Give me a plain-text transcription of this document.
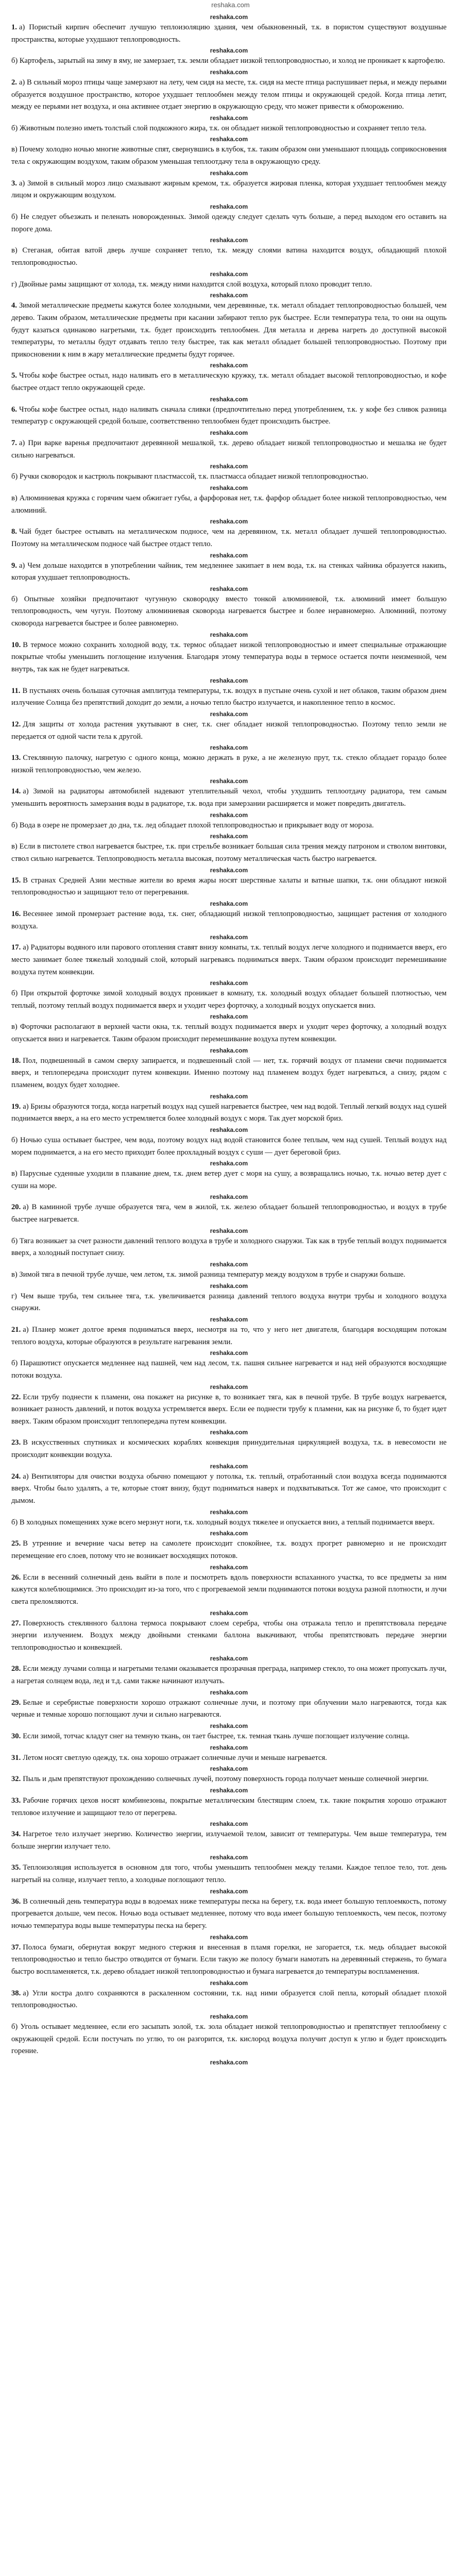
reshaka.com
reshaka.com

1. а) Пористый кирпич обеспечит лучшую теплоизоляцию здания, чем обыкновенный, т.к. в пористом существуют воздушные пространства, которые ухудшают теплопроводность.

reshaka.com

б) Картофель, зарытый на зиму в яму, не замерзает, т.к. земли обладает низкой теплопроводностью, и холод не проникает к картофелю.

reshaka.com

2. а) В сильный мороз птицы чаще замерзают на лету, чем сидя на месте, т.к. сидя на месте птица распушивает перья, и между перьями образуется воздушное пространство, которое ухудшает теплообмен между телом птицы и окружающей средой. Когда птица летит, между ее перьями нет воздуха, и она активнее отдает энергию в окружающую среду, что может привести к обморожению.

reshaka.com

б) Животным полезно иметь толстый слой подкожного жира, т.к. он обладает низкой теплопроводностью и сохраняет тепло тела.

reshaka.com

в) Почему холодно ночью многие животные спят, свернувшись в клубок, т.к. таким образом они уменьшают площадь соприкосновения тела с окружающим воздухом, таким образом уменьшая теплоотдачу тела в окружающую среду.

reshaka.com

3. а) Зимой в сильный мороз лицо смазывают жирным кремом, т.к. образуется жировая пленка, которая ухудшает теплообмен между лицом и окружающим воздухом.

reshaka.com

б) Не следует объезжать и пеленать новорожденных. Зимой одежду следует сделать чуть больше, а перед выходом его оставить на пороге дома.

reshaka.com

в) Стеганая, обитая ватой дверь лучше сохраняет тепло, т.к. между слоями ватина находится воздух, обладающий плохой теплопроводностью.

reshaka.com

г) Двойные рамы защищают от холода, т.к. между ними находится слой воздуха, который плохо проводит тепло.

reshaka.com

4. Зимой металлические предметы кажутся более холодными, чем деревянные, т.к. металл обладает теплопроводностью большей, чем дерево. Таким образом, металлические предметы при касании забирают тепло рук быстрее. Если температура тела, то они на ощупь будут казаться одинаково нагретыми, т.к. будет происходить теплообмен. Для металла и дерева нагреть до доступной высокой температуры, то металлы будут отдавать тепло телу быстрее, так как металл обладает большей теплопроводностью. Поэтому при прикосновении к ним в жару металлические предметы будут горячее.

reshaka.com

5. Чтобы кофе быстрее остыл, надо наливать его в металлическую кружку, т.к. металл обладает высокой теплопроводностью, и кофе быстрее отдаст тепло окружающей среде.

reshaka.com

6. Чтобы кофе быстрее остыл, надо наливать сначала сливки (предпочтительно перед употреблением, т.к. у кофе без сливок разница температур с окружающей средой больше, соответственно теплообмен будет происходить быстрее.

reshaka.com

7. а) При варке варенья предпочитают деревянной мешалкой, т.к. дерево обладает низкой теплопроводностью и мешалка не будет сильно нагреваться.

reshaka.com

б) Ручки сковородок и кастрюль покрывают пластмассой, т.к. пластмасса обладает низкой теплопроводностью.

reshaka.com

в) Алюминиевая кружка с горячим чаем обжигает губы, а фарфоровая нет, т.к. фарфор обладает более низкой теплопроводностью, чем алюминий.

reshaka.com

8. Чай будет быстрее остывать на металлическом подносе, чем на деревянном, т.к. металл обладает лучшей теплопроводностью. Поэтому на металлическом подносе чай быстрее отдаст тепло.

reshaka.com

9. а) Чем дольше находится в употреблении чайник, тем медленнее закипает в нем вода, т.к. на стенках чайника образуется накипь, которая ухудшает теплопроводность.

reshaka.com

б) Опытные хозяйки предпочитают чугунную сковородку вместо тонкой алюминиевой, т.к. алюминий имеет большую теплопроводность, чем чугун. Поэтому алюминиевая сковорода нагревается быстрее и более неравномерно. Алюминий, поэтому сковорода нагревается быстрее и более равномерно.

reshaka.com

10. В термосе можно сохранить холодной воду, т.к. термос обладает низкой теплопроводностью и имеет специальные отражающие покрытые чтобы уменьшить поглощение излучения. Благодаря этому температура воды в термосе остается почти неизменной, чем внутрь, так как не будет нагреваться.

reshaka.com

11. В пустынях очень большая суточная амплитуда температуры, т.к. воздух в пустыне очень сухой и нет облаков, таким образом днем излучение Солнца без препятствий доходит до земли, а ночью тепло быстро излучается, и накопленное тепло в космос.

reshaka.com

12. Для защиты от холода растения укутывают в снег, т.к. снег обладает низкой теплопроводностью. Поэтому тепло земли не передается от одной части тела к другой.

reshaka.com

13. Стеклянную палочку, нагретую с одного конца, можно держать в руке, а не железную прут, т.к. стекло обладает гораздо более низкой теплопроводностью, чем железо.

reshaka.com

14. а) Зимой на радиаторы автомобилей надевают утеплительный чехол, чтобы ухудшить теплоотдачу радиатора, тем самым уменьшить вероятность замерзания воды в радиаторе, т.к. вода при замерзании расширяется и может повредить двигатель.

reshaka.com

б) Вода в озере не промерзает до дна, т.к. лед обладает плохой теплопроводностью и прикрывает воду от мороза.

reshaka.com

в) Если в пистолете ствол нагревается быстрее, т.к. при стрельбе возникает большая сила трения между патроном и стволом винтовки, ствол сильно нагревается. Теплопроводность металла высокая, поэтому металлическая часть быстро нагревается.

reshaka.com

15. В странах Средней Азии местные жители во время жары носят шерстяные халаты и ватные шапки, т.к. они обладают низкой теплопроводностью и защищают тело от перегревания.

reshaka.com

16. Весеннее зимой промерзает растение вода, т.к. снег, обладающий низкой теплопроводностью, защищает растения от холодного воздуха.

reshaka.com

17. а) Радиаторы водяного или парового отопления ставят внизу комнаты, т.к. теплый воздух легче холодного и поднимается вверх, его место занимает более тяжелый холодный слой, который нагреваясь подниматься вверх. Таким образом происходит перемешивание воздуха путем конвекции.

reshaka.com

б) При открытой форточке зимой холодный воздух проникает в комнату, т.к. холодный воздух обладает большей плотностью, чем теплый, поэтому теплый воздух поднимается вверх и уходит через форточку, а холодный воздух опускается вниз.

reshaka.com

в) Форточки располагают в верхней части окна, т.к. теплый воздух поднимается вверх и уходит через форточку, а холодный воздух опускается вниз и нагревается. Таким образом происходит перемешивание воздуха путем конвекции.

reshaka.com

18. Пол, подвешенный в самом сверху запирается, и подвешенный слой — нет, т.к. горячий воздух от пламени свечи поднимается вверх, и теплопередача происходит путем конвекции. Именно поэтому над пламенем воздух будет нагреваться, а снизу, рядом с пламенем, воздух будет холоднее.

reshaka.com

19. а) Бризы образуются тогда, когда нагретый воздух над сушей нагревается быстрее, чем над водой. Теплый легкий воздух над сушей поднимается вверх, а на его место устремляется более холодный воздух с моря. Так дует морской бриз.

reshaka.com

б) Ночью суша остывает быстрее, чем вода, поэтому воздух над водой становится более теплым, чем над сушей. Теплый воздух над морем поднимается, а на его место приходит более прохладный воздух с суши — дует береговой бриз.

reshaka.com

в) Парусные суденные уходили в плавание днем, т.к. днем ветер дует с моря на сушу, а возвращались ночью, т.к. ночью ветер дует с суши на море.

reshaka.com

20. а) В каминной трубе лучше образуется тяга, чем в жилой, т.к. железо обладает большей теплопроводностью, и воздух в трубе быстрее нагревается.

reshaka.com

б) Тяга возникает за счет разности давлений теплого воздуха в трубе и холодного снаружи. Так как в трубе теплый воздух поднимается вверх, а холодный поступает снизу.

reshaka.com

в) Зимой тяга в печной трубе лучше, чем летом, т.к. зимой разница температур между воздухом в трубе и снаружи больше.

reshaka.com

г) Чем выше труба, тем сильнее тяга, т.к. увеличивается разница давлений теплого воздуха внутри трубы и холодного воздуха снаружи.

reshaka.com

21. а) Планер может долгое время подниматься вверх, несмотря на то, что у него нет двигателя, благодаря восходящим потокам теплого воздуха, которые образуются в результате нагревания земли.

reshaka.com

б) Парашютист опускается медленнее над пашней, чем над лесом, т.к. пашня сильнее нагревается и над ней образуются восходящие потоки воздуха.

reshaka.com

22. Если трубу поднести к пламени, она покажет на рисунке в, то возникает тяга, как в печной трубе. В трубе воздух нагревается, возникает разность давлений, и поток воздуха устремляется вверх. Если ее поднести трубу к пламени, как на рисунке б, то будет идет вверх. Таким образом происходит теплопередача путем конвекции.

reshaka.com

23. В искусственных спутниках и космических кораблях конвекция принудительная циркуляцией воздуха, т.к. в невесомости не происходит конвекции воздуха.

reshaka.com

24. а) Вентиляторы для очистки воздуха обычно помещают у потолка, т.к. теплый, отработанный слои воздуха всегда поднимаются вверх. Чтобы было удалять, а те, которые стоят внизу, будут подниматься наверх и подхватываться. Тот же самое, что происходит с дымом.

reshaka.com

б) В холодных помещениях хуже всего мерзнут ноги, т.к. холодный воздух тяжелее и опускается вниз, а теплый поднимается вверх.

reshaka.com

25. В утренние и вечерние часы ветер на самолете происходит спокойнее, т.к. воздух прогрет равномерно и не происходит перемещение его слоев, потому что не возникает восходящих потоков.

reshaka.com

26. Если в весенний солнечный день выйти в поле и посмотреть вдоль поверхности вспаханного участка, то все предметы за ним кажутся колеблющимися. Это происходит из-за того, что с прогреваемой земли поднимаются потоки воздуха разной плотности, и лучи света преломляются.

reshaka.com

27. Поверхность стеклянного баллона термоса покрывают слоем серебра, чтобы она отражала тепло и препятствовала передаче энергии излучением. Воздух между двойными стенками баллона выкачивают, чтобы препятствовать передаче энергии теплопроводностью и конвекцией.

reshaka.com

28. Если между лучами солнца и нагретыми телами оказывается прозрачная преграда, например стекло, то она может пропускать лучи, а нагретая солнцем вода, лед и т.д. сами также начинают излучать.

reshaka.com

29. Белые и серебристые поверхности хорошо отражают солнечные лучи, и поэтому при облучении мало нагреваются, тогда как черные и темные хорошо поглощают лучи и сильно нагреваются.

reshaka.com

30. Если зимой, тотчас кладут снег на темную ткань, он тает быстрее, т.к. темная ткань лучше поглощает излучение солнца.

reshaka.com

31. Летом носят светлую одежду, т.к. она хорошо отражает солнечные лучи и меньше нагревается.

reshaka.com

32. Пыль и дым препятствуют прохождению солнечных лучей, поэтому поверхность города получает меньше солнечной энергии.

reshaka.com

33. Рабочие горячих цехов носят комбинезоны, покрытые металлическим блестящим слоем, т.к. такие покрытия хорошо отражают тепловое излучение и защищают тело от перегрева.

reshaka.com

34. Нагретое тело излучает энергию. Количество энергии, излучаемой телом, зависит от температуры. Чем выше температура, тем больше энергии излучает тело.

reshaka.com

35. Теплоизоляция используется в основном для того, чтобы уменьшить теплообмен между телами. Каждое теплое тело, тот. день нагретый на солнце, излучает тепло, а холодные поглощают тепло.

reshaka.com

36. В солнечный день температура воды в водоемах ниже температуры песка на берегу, т.к. вода имеет большую теплоемкость, потому прогревается дольше, чем песок. Ночью вода остывает медленнее, потому что вода имеет большую теплоемкость, чем песок, поэтому ночью температура воды выше температуры песка на берегу.

reshaka.com

37. Полоса бумаги, обернутая вокруг медного стержня и внесенная в пламя горелки, не загорается, т.к. медь обладает высокой теплопроводностью и тепло быстро отводится от бумаги. Если такую же полосу бумаги намотать на деревянный стержень, то бумага быстро воспламеняется, т.к. дерево обладает низкой теплопроводностью и бумага нагревается до температуры воспламенения.

reshaka.com

38. а) Угли костра долго сохраняются в раскаленном состоянии, т.к. над ними образуется слой пепла, который обладает плохой теплопроводностью.

reshaka.com

б) Уголь остывает медленнее, если его засыпать золой, т.к. зола обладает низкой теплопроводностью и препятствует теплообмену с окружающей средой. Если постучать по углю, то он разгорится, т.к. кислород воздуха получит доступ к углю и будет происходить горение.

reshaka.com
